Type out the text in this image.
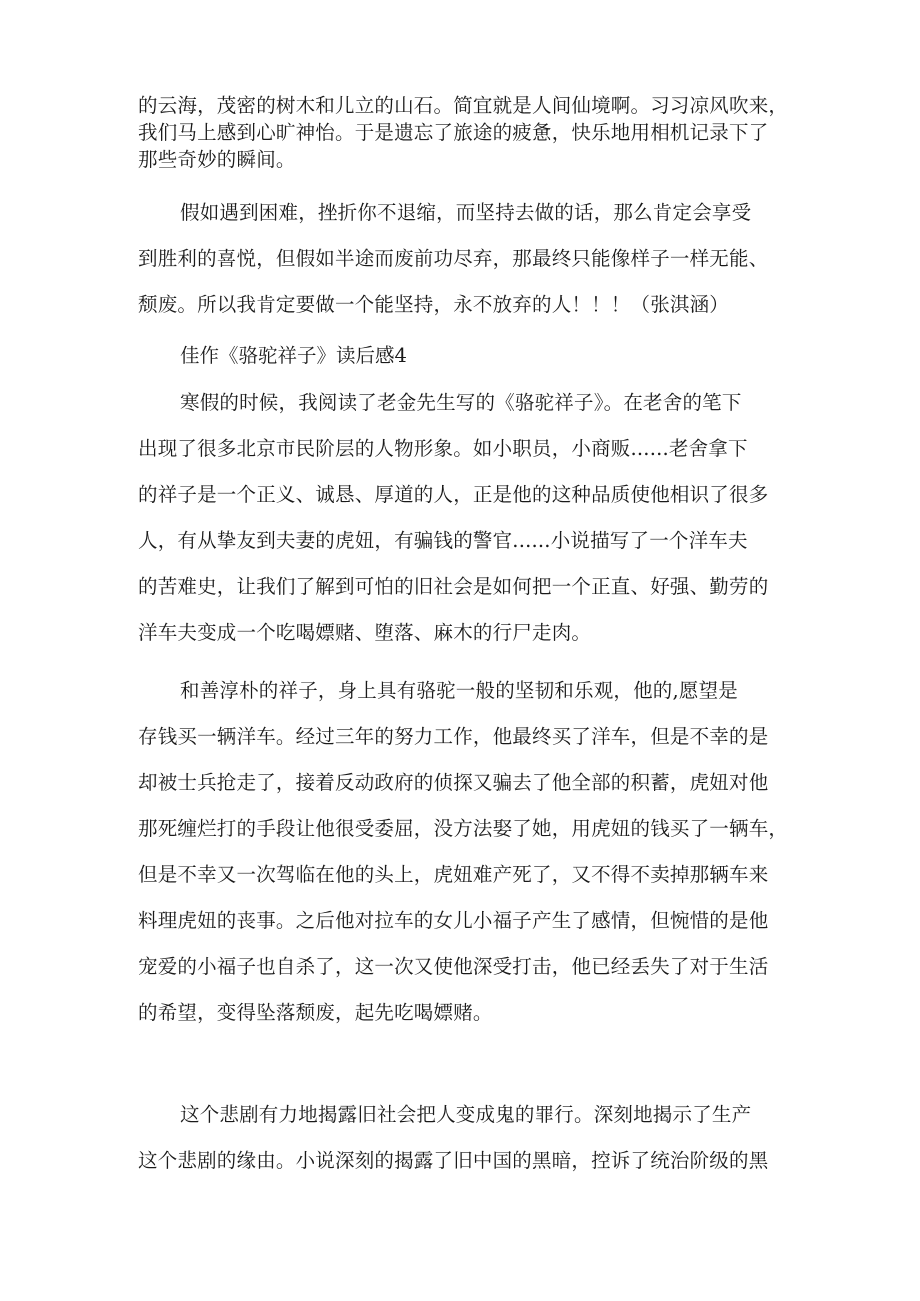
的云海，茂密的树木和儿立的山石。简宜就是人间仙境啊。习习凉风吹来，
我们马上感到心旷神怡。于是遗忘了旅途的疲惫，快乐地用相机记录下了
那些奇妙的瞬间。

假如遇到困难，挫折你不退缩，而坚持去做的话，那么肯定会享受
到胜利的喜悦，但假如半途而废前功尽弃，那最终只能像样子一样无能、
颓废。所以我肯定要做一个能坚持，永不放弃的人！！！（张淇涵）

佳作《骆驼祥子》读后感4

寒假的时候，我阅读了老金先生写的《骆驼祥子》。在老舍的笔下
出现了很多北京市民阶层的人物形象。如小职员，小商贩......老舍拿下
的祥子是一个正义、诚恳、厚道的人，正是他的这种品质使他相识了很多
人，有从挚友到夫妻的虎妞，有骗钱的警官......小说描写了一个洋车夫
的苦难史，让我们了解到可怕的旧社会是如何把一个正直、好强、勤劳的
洋车夫变成一个吃喝嫖赌、堕落、麻木的行尸走肉。

和善淳朴的祥子，身上具有骆驼一般的坚韧和乐观，他的,愿望是
存钱买一辆洋车。经过三年的努力工作，他最终买了洋车，但是不幸的是
却被士兵抢走了，接着反动政府的侦探又骗去了他全部的积蓄，虎妞对他
那死缠烂打的手段让他很受委屈，没方法娶了她，用虎妞的钱买了一辆车，
但是不幸又一次驾临在他的头上，虎妞难产死了，又不得不卖掉那辆车来
料理虎妞的丧事。之后他对拉车的女儿小福子产生了感情，但惋惜的是他
宠爱的小福子也自杀了，这一次又使他深受打击，他已经丢失了对于生活
的希望，变得坠落颓废，起先吃喝嫖赌。

这个悲剧有力地揭露旧社会把人变成鬼的罪行。深刻地揭示了生产
这个悲剧的缘由。小说深刻的揭露了旧中国的黑暗，控诉了统治阶级的黑
